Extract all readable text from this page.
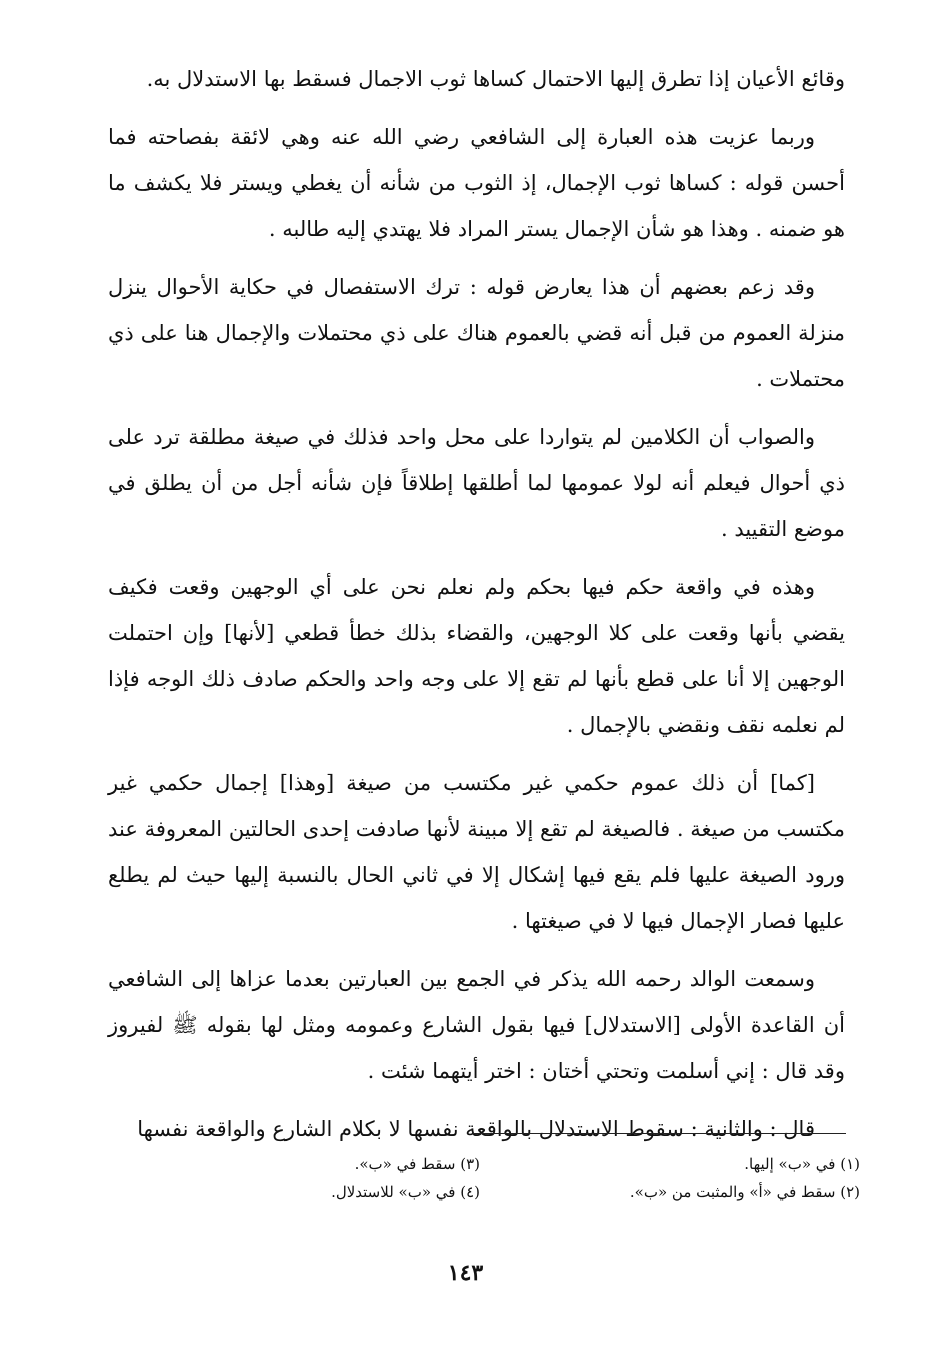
وقائع الأعيان إذا تطرق إليها الاحتمال كساها ثوب الاجمال فسقط بها الاستدلال به.

وربما عزيت هذه العبارة إلى الشافعي رضي الله عنه وهي لائقة بفصاحته فما أحسن قوله : كساها ثوب الإجمال، إذ الثوب من شأنه أن يغطي ويستر فلا يكشف ما هو ضمنه . وهذا هو شأن الإجمال يستر المراد فلا يهتدي إليه طالبه .

وقد زعم بعضهم أن هذا يعارض قوله : ترك الاستفصال في حكاية الأحوال ينزل منزلة العموم من قبل أنه قضي بالعموم هناك على ذي محتملات والإجمال هنا على ذي محتملات .

والصواب أن الكلامين لم يتواردا على محل واحد فذلك في صيغة مطلقة ترد على ذي أحوال فيعلم أنه لولا عمومها لما أطلقها إطلاقاً فإن شأنه أجل من أن يطلق في موضع التقييد .

وهذه في واقعة حكم فيها بحكم ولم نعلم نحن على أي الوجهين وقعت فكيف يقضي بأنها وقعت على كلا الوجهين، والقضاء بذلك خطأ قطعي [لأنها] وإن احتملت الوجهين إلا أنا على قطع بأنها لم تقع إلا على وجه واحد والحكم صادف ذلك الوجه فإذا لم نعلمه نقف ونقضي بالإجمال .

[كما] أن ذلك عموم حكمي غير مكتسب من صيغة [وهذا] إجمال حكمي غير مكتسب من صيغة . فالصيغة لم تقع إلا مبينة لأنها صادفت إحدى الحالتين المعروفة عند ورود الصيغة عليها فلم يقع فيها إشكال إلا في ثاني الحال بالنسبة إليها حيث لم يطلع عليها فصار الإجمال فيها لا في صيغتها .

وسمعت الوالد رحمه الله يذكر في الجمع بين العبارتين بعدما عزاها إلى الشافعي أن القاعدة الأولى [الاستدلال] فيها بقول الشارع وعمومه ومثل لها بقوله ﷺ لفيروز وقد قال : إني أسلمت وتحتي أختان : اختر أيتهما شئت .

قال : والثانية : سقوط الاستدلال بالواقعة نفسها لا بكلام الشارع والواقعة نفسها

(١) في «ب» إليها.
(٢) سقط في «أ» والمثبت من «ب».
(٣) سقط في «ب».
(٤) في «ب» للاستدلال.
١٤٣
